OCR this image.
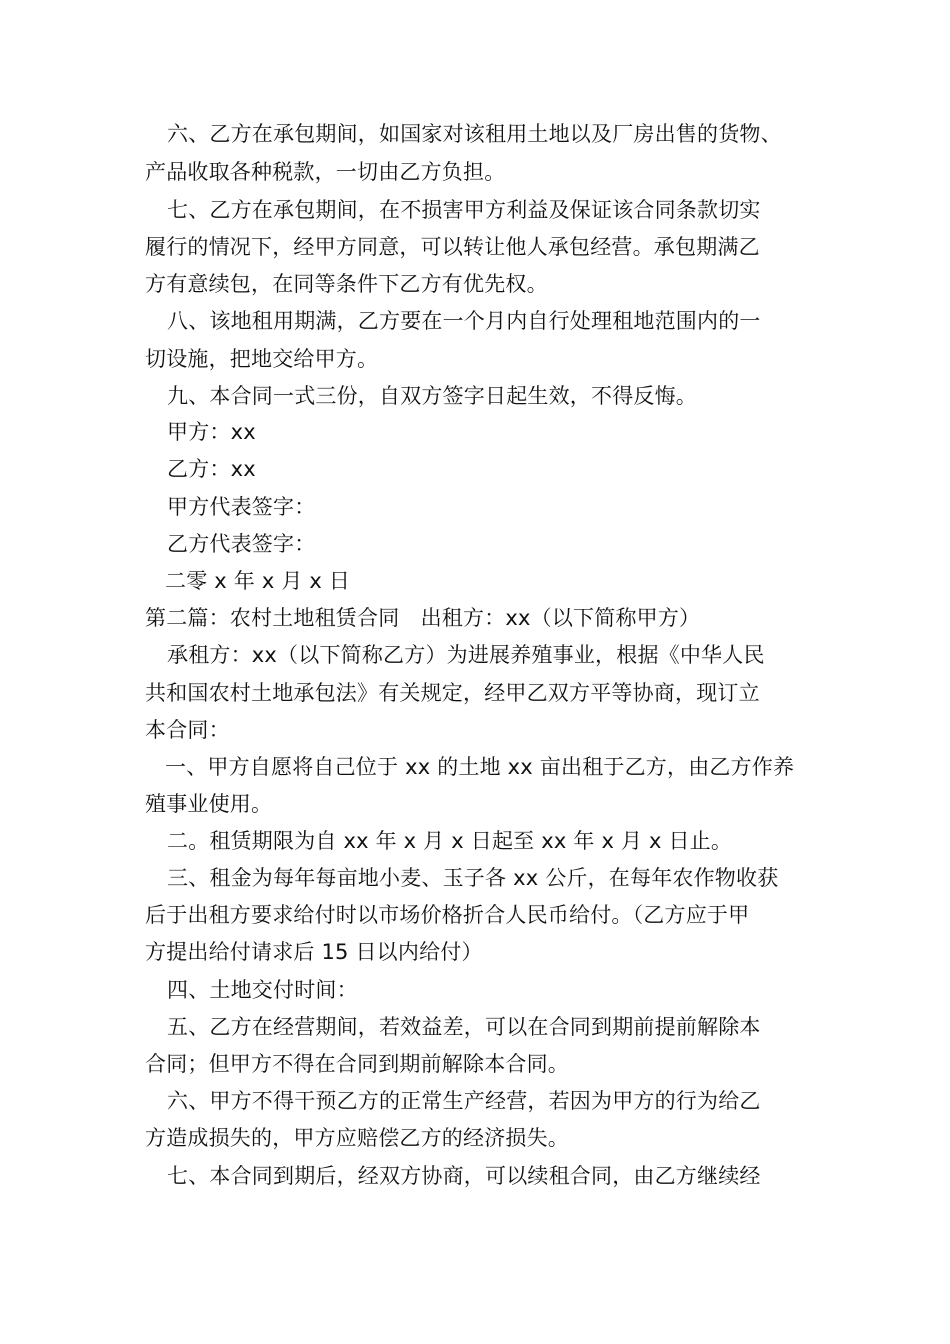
六、乙方在承包期间，如国家对该租用土地以及厂房出售的货物、
产品收取各种税款，一切由乙方负担。
七、乙方在承包期间，在不损害甲方利益及保证该合同条款切实
履行的情况下，经甲方同意，可以转让他人承包经营。承包期满乙
方有意续包，在同等条件下乙方有优先权。
八、该地租用期满，乙方要在一个月内自行处理租地范围内的一
切设施，把地交给甲方。
九、本合同一式三份，自双方签字日起生效，不得反悔。
甲方：xx
乙方：xx
甲方代表签字：
乙方代表签字：
二零 x 年 x 月 x 日
第二篇：农村土地租赁合同　出租方：xx（以下简称甲方）
承租方：xx（以下简称乙方）为进展养殖事业，根据《中华人民
共和国农村土地承包法》有关规定，经甲乙双方平等协商，现订立
本合同：
一、甲方自愿将自己位于 xx 的土地 xx 亩出租于乙方，由乙方作养
殖事业使用。
二。租赁期限为自 xx 年 x 月 x 日起至 xx 年 x 月 x 日止。
三、租金为每年每亩地小麦、玉子各 xx 公斤，在每年农作物收获
后于出租方要求给付时以市场价格折合人民币给付。（乙方应于甲
方提出给付请求后 15 日以内给付）
四、土地交付时间：
五、乙方在经营期间，若效益差，可以在合同到期前提前解除本
合同；但甲方不得在合同到期前解除本合同。
六、甲方不得干预乙方的正常生产经营，若因为甲方的行为给乙
方造成损失的，甲方应赔偿乙方的经济损失。
七、本合同到期后，经双方协商，可以续租合同，由乙方继续经
